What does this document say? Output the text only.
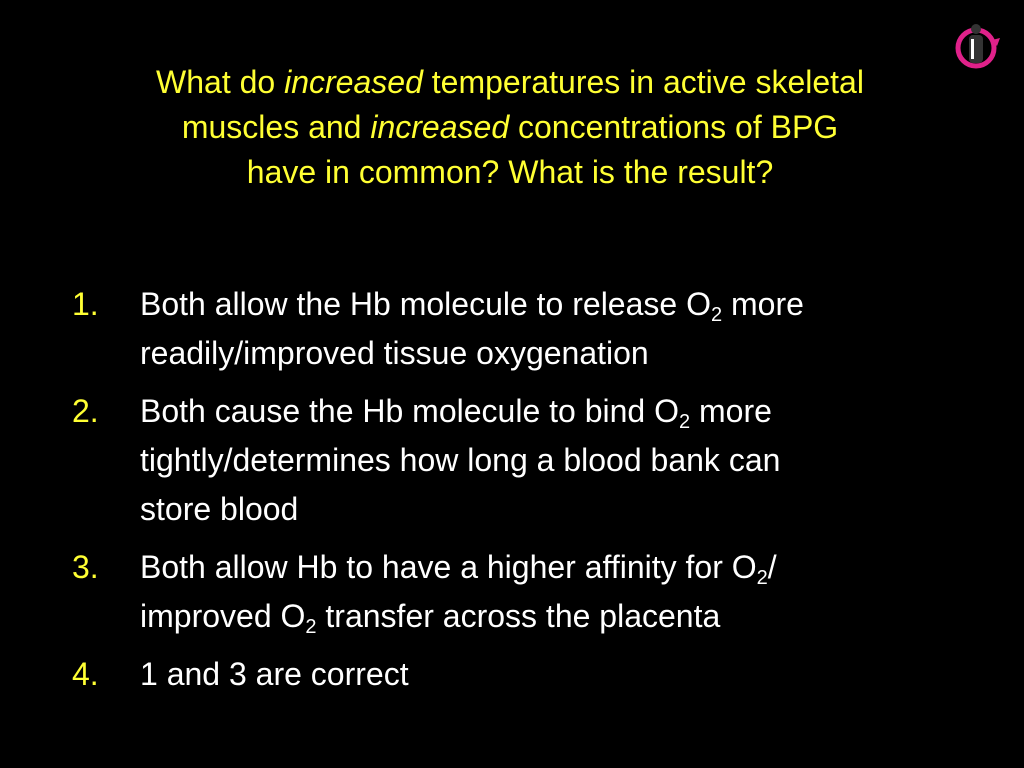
What do increased temperatures in active skeletal
muscles and increased concentrations of BPG
have in common? What is the result?
1. Both allow the Hb molecule to release $O_2$ more
readily/improved tissue oxygenation
2. Both cause the Hb molecule to bind $O_2$ more
tightly/determines how long a blood bank can
store blood
3. Both allow Hb to have a higher affinity for $O_2/$
improved $O_2$ transfer across the placenta
4. 1 and 3 are correct
